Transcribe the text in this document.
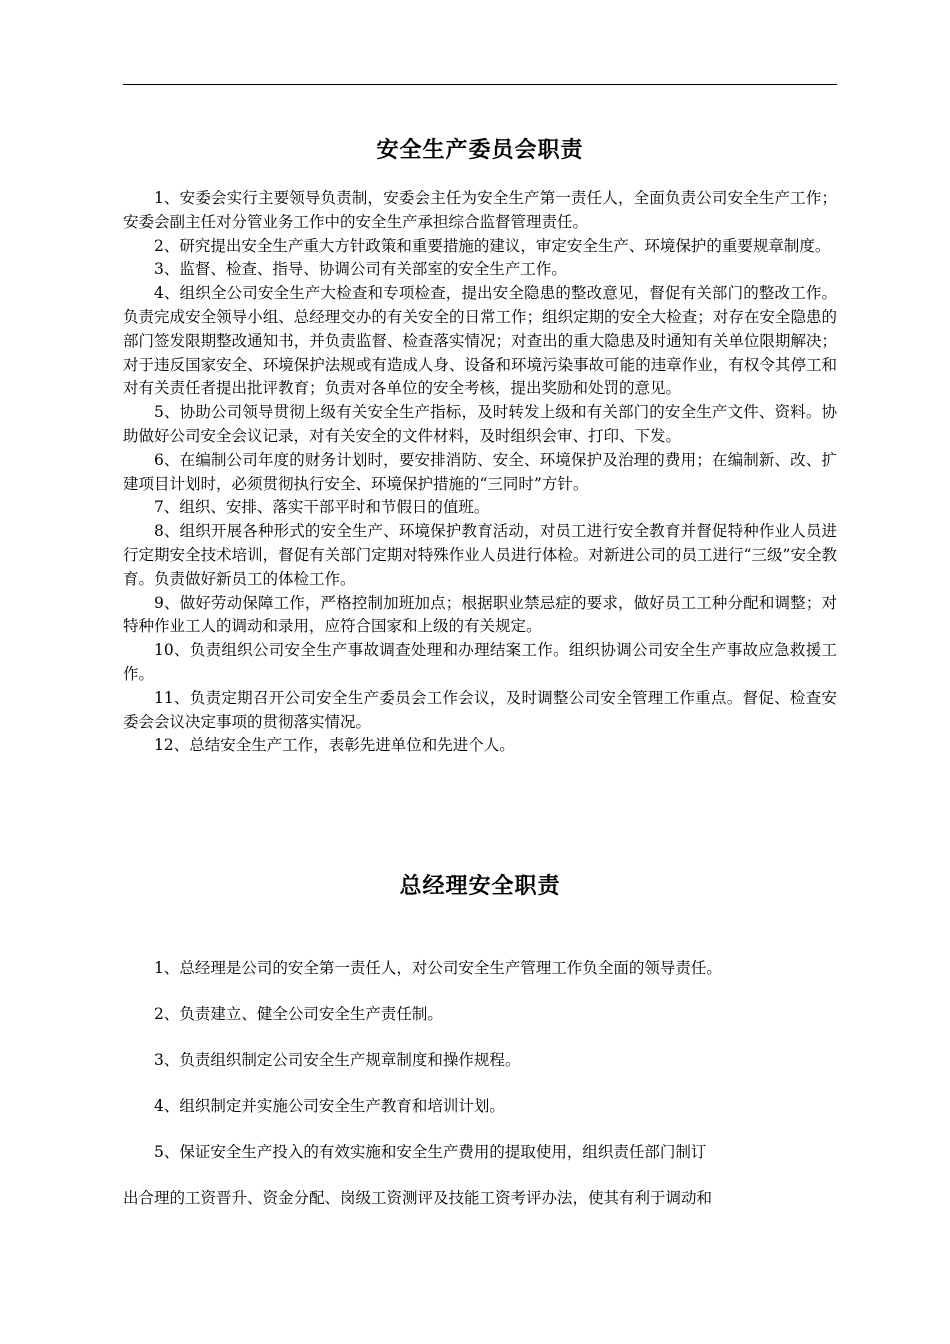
安全生产委员会职责

1、安委会实行主要领导负责制，安委会主任为安全生产第一责任人，全面负责公司安全生产工作；安委会副主任对分管业务工作中的安全生产承担综合监督管理责任。

2、研究提出安全生产重大方针政策和重要措施的建议，审定安全生产、环境保护的重要规章制度。

3、监督、检查、指导、协调公司有关部室的安全生产工作。

4、组织全公司安全生产大检查和专项检查，提出安全隐患的整改意见，督促有关部门的整改工作。负责完成安全领导小组、总经理交办的有关安全的日常工作；组织定期的安全大检查；对存在安全隐患的部门签发限期整改通知书，并负责监督、检查落实情况；对查出的重大隐患及时通知有关单位限期解决；对于违反国家安全、环境保护法规或有造成人身、设备和环境污染事故可能的违章作业，有权令其停工和对有关责任者提出批评教育；负责对各单位的安全考核，提出奖励和处罚的意见。

5、协助公司领导贯彻上级有关安全生产指标，及时转发上级和有关部门的安全生产文件、资料。协助做好公司安全会议记录，对有关安全的文件材料，及时组织会审、打印、下发。

6、在编制公司年度的财务计划时，要安排消防、安全、环境保护及治理的费用；在编制新、改、扩建项目计划时，必须贯彻执行安全、环境保护措施的“三同时”方针。

7、组织、安排、落实干部平时和节假日的值班。

8、组织开展各种形式的安全生产、环境保护教育活动，对员工进行安全教育并督促特种作业人员进行定期安全技术培训，督促有关部门定期对特殊作业人员进行体检。对新进公司的员工进行“三级”安全教育。负责做好新员工的体检工作。

9、做好劳动保障工作，严格控制加班加点；根据职业禁忌症的要求，做好员工工种分配和调整；对特种作业工人的调动和录用，应符合国家和上级的有关规定。

10、负责组织公司安全生产事故调查处理和办理结案工作。组织协调公司安全生产事故应急救援工作。

11、负责定期召开公司安全生产委员会工作会议，及时调整公司安全管理工作重点。督促、检查安委会会议决定事项的贯彻落实情况。

12、总结安全生产工作，表彰先进单位和先进个人。

总经理安全职责

1、总经理是公司的安全第一责任人，对公司安全生产管理工作负全面的领导责任。

2、负责建立、健全公司安全生产责任制。

3、负责组织制定公司安全生产规章制度和操作规程。

4、组织制定并实施公司安全生产教育和培训计划。

5、保证安全生产投入的有效实施和安全生产费用的提取使用，组织责任部门制订
出合理的工资晋升、资金分配、岗级工资测评及技能工资考评办法，使其有利于调动和
